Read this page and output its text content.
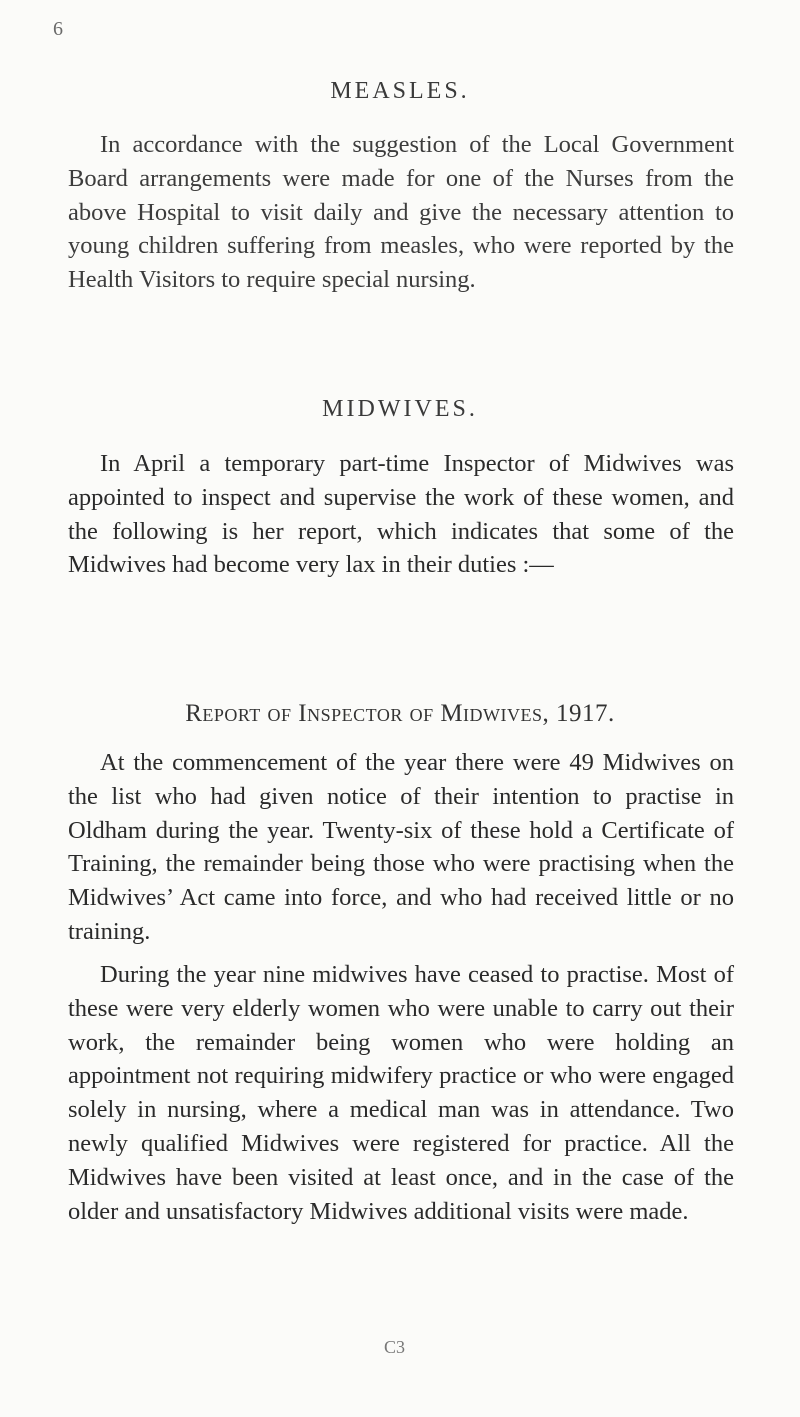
6
MEASLES.

In accordance with the suggestion of the Local Government Board arrangements were made for one of the Nurses from the above Hospital to visit daily and give the necessary attention to young children suffering from measles, who were reported by the Health Visitors to require special nursing.

MIDWIVES.

In April a temporary part-time Inspector of Midwives was appointed to inspect and supervise the work of these women, and the following is her report, which indicates that some of the Midwives had become very lax in their duties :—

Report of Inspector of Midwives, 1917.

At the commencement of the year there were 49 Midwives on the list who had given notice of their intention to practise in Oldham during the year. Twenty-six of these hold a Certificate of Training, the remainder being those who were practising when the Midwives’ Act came into force, and who had received little or no training.

During the year nine midwives have ceased to practise. Most of these were very elderly women who were unable to carry out their work, the remainder being women who were holding an appointment not requiring midwifery practice or who were engaged solely in nursing, where a medical man was in attendance. Two newly qualified Midwives were registered for practice. All the Midwives have been visited at least once, and in the case of the older and unsatisfactory Midwives additional visits were made.

C3
